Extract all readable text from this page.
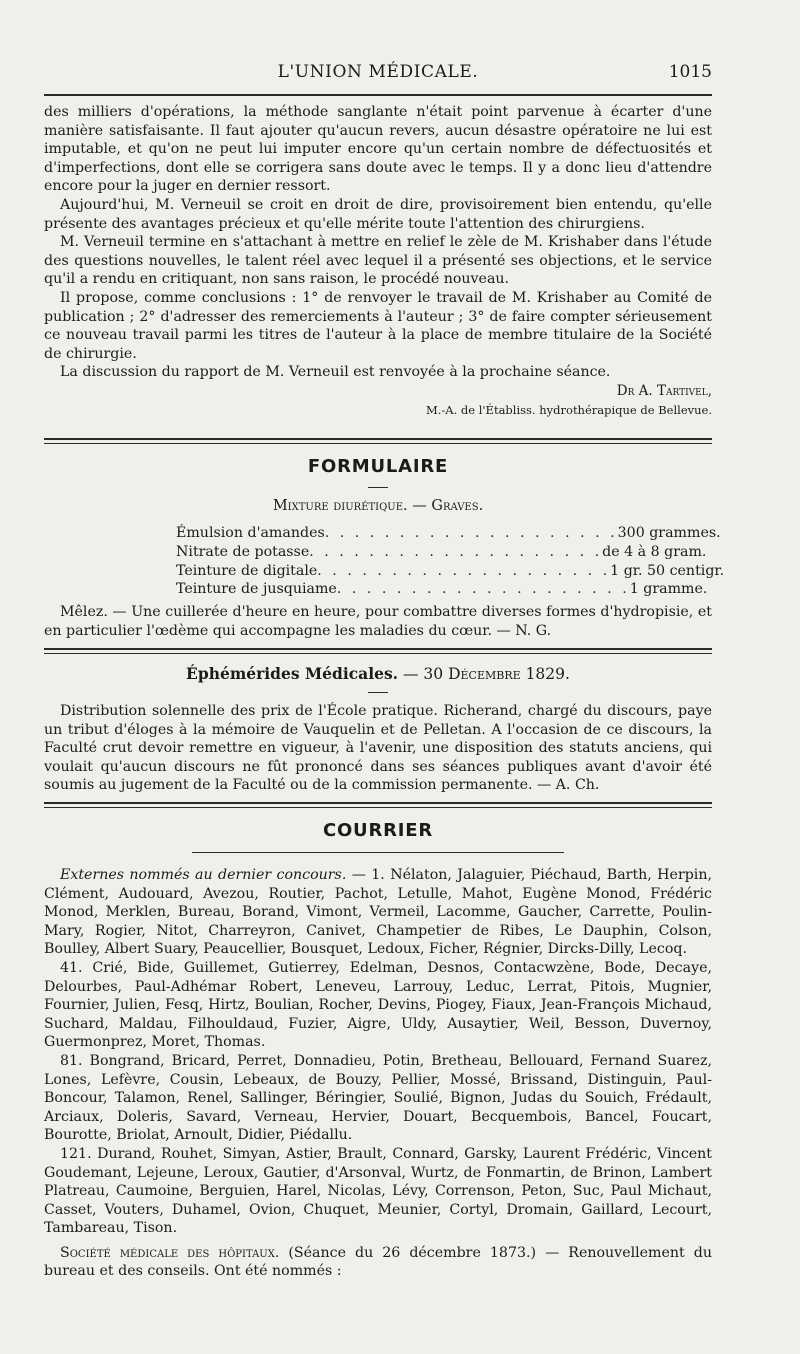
L'UNION MÉDICALE.	1015

des milliers d'opérations, la méthode sanglante n'était point parvenue à écarter d'une manière satisfaisante. Il faut ajouter qu'aucun revers, aucun désastre opératoire ne lui est imputable, et qu'on ne peut lui imputer encore qu'un certain nombre de défectuosités et d'imperfections, dont elle se corrigera sans doute avec le temps. Il y a donc lieu d'attendre encore pour la juger en dernier ressort.

Aujourd'hui, M. Verneuil se croit en droit de dire, provisoirement bien entendu, qu'elle présente des avantages précieux et qu'elle mérite toute l'attention des chirurgiens.

M. Verneuil termine en s'attachant à mettre en relief le zèle de M. Krishaber dans l'étude des questions nouvelles, le talent réel avec lequel il a présenté ses objections, et le service qu'il a rendu en critiquant, non sans raison, le procédé nouveau.

Il propose, comme conclusions : 1° de renvoyer le travail de M. Krishaber au Comité de publication ; 2° d'adresser des remerciements à l'auteur ; 3° de faire compter sérieusement ce nouveau travail parmi les titres de l'auteur à la place de membre titulaire de la Société de chirurgie.

La discussion du rapport de M. Verneuil est renvoyée à la prochaine séance.

Dr A. Tartivel,

M.-A. de l'Établiss. hydrothérapique de Bellevue.

FORMULAIRE
Mixture diurétique. — Graves.
Émulsion d'amandes . . . . . . . . . . . . . . . . . . . . 300 grammes.
Nitrate de potasse . . . . . . . . . . . . . . . . . . . . de 4 à 8 gram.
Teinture de digitale . . . . . . . . . . . . . . . . . . . . 1 gr. 50 centigr.
Teinture de jusquiame . . . . . . . . . . . . . . . . . . . . 1 gramme.

Mêlez. — Une cuillerée d'heure en heure, pour combattre diverses formes d'hydropisie, et en particulier l'œdème qui accompagne les maladies du cœur. — N. G.

Éphémérides Médicales. — 30 Décembre 1829.

Distribution solennelle des prix de l'École pratique. Richerand, chargé du discours, paye un tribut d'éloges à la mémoire de Vauquelin et de Pelletan. A l'occasion de ce discours, la Faculté crut devoir remettre en vigueur, à l'avenir, une disposition des statuts anciens, qui voulait qu'aucun discours ne fût prononcé dans ses séances publiques avant d'avoir été soumis au jugement de la Faculté ou de la commission permanente. — A. Ch.

COURRIER

Externes nommés au dernier concours. — 1. Nélaton, Jalaguier, Piéchaud, Barth, Herpin, Clément, Audouard, Avezou, Routier, Pachot, Letulle, Mahot, Eugène Monod, Frédéric Monod, Merklen, Bureau, Borand, Vimont, Vermeil, Lacomme, Gaucher, Carrette, Poulin-Mary, Rogier, Nitot, Charreyron, Canivet, Champetier de Ribes, Le Dauphin, Colson, Boulley, Albert Suary, Peaucellier, Bousquet, Ledoux, Ficher, Régnier, Dircks-Dilly, Lecoq.

41. Crié, Bide, Guillemet, Gutierrey, Edelman, Desnos, Contacwzène, Bode, Decaye, Delourbes, Paul-Adhémar Robert, Leneveu, Larrouy, Leduc, Lerrat, Pitois, Mugnier, Fournier, Julien, Fesq, Hirtz, Boulian, Rocher, Devins, Piogey, Fiaux, Jean-François Michaud, Suchard, Maldau, Filhouldaud, Fuzier, Aigre, Uldy, Ausaytier, Weil, Besson, Duvernoy, Guermonprez, Moret, Thomas.

81. Bongrand, Bricard, Perret, Donnadieu, Potin, Bretheau, Bellouard, Fernand Suarez, Lones, Lefèvre, Cousin, Lebeaux, de Bouzy, Pellier, Mossé, Brissand, Distinguin, Paul-Boncour, Talamon, Renel, Sallinger, Béringier, Soulié, Bignon, Judas du Souich, Frédault, Arciaux, Doleris, Savard, Verneau, Hervier, Douart, Becquembois, Bancel, Foucart, Bourotte, Briolat, Arnoult, Didier, Piédallu.

121. Durand, Rouhet, Simyan, Astier, Brault, Connard, Garsky, Laurent Frédéric, Vincent Goudemant, Lejeune, Leroux, Gautier, d'Arsonval, Wurtz, de Fonmartin, de Brinon, Lambert Platreau, Caumoine, Berguien, Harel, Nicolas, Lévy, Correnson, Peton, Suc, Paul Michaut, Casset, Vouters, Duhamel, Ovion, Chuquet, Meunier, Cortyl, Dromain, Gaillard, Lecourt, Tambareau, Tison.

Société médicale des hôpitaux. (Séance du 26 décembre 1873.) — Renouvellement du bureau et des conseils. Ont été nommés :
